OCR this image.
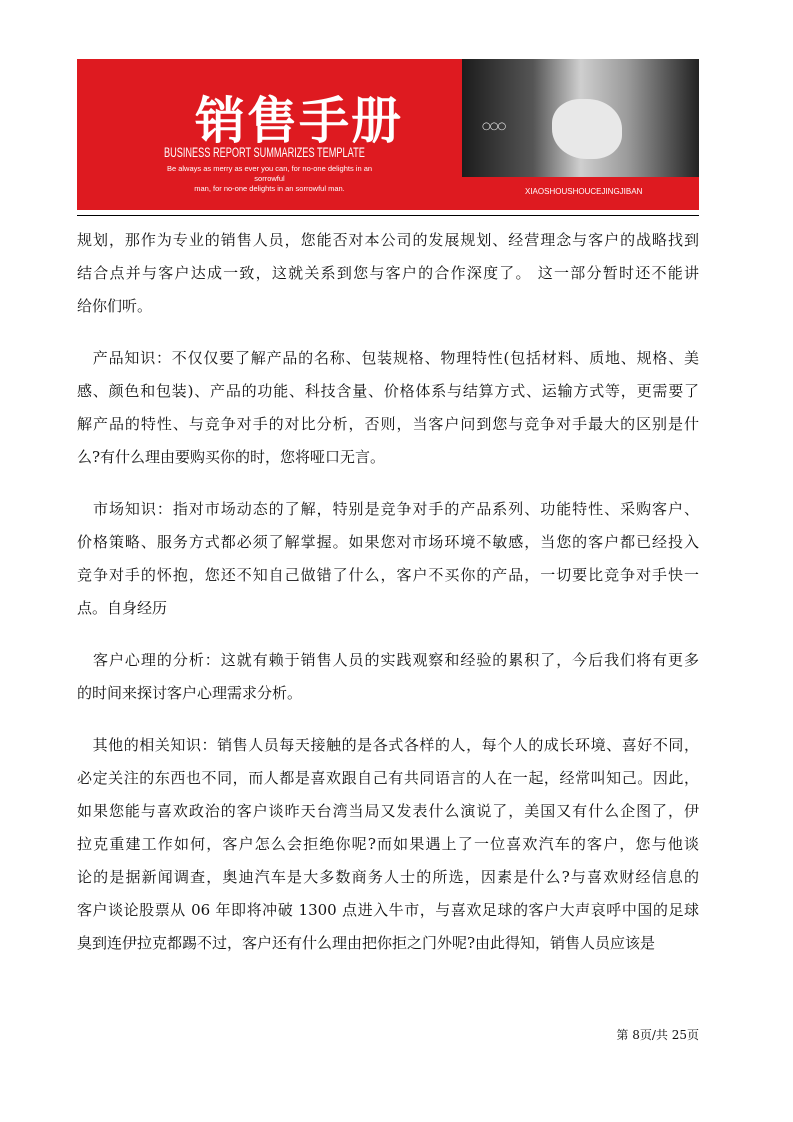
销售手册
BUSINESS REPORT SUMMARIZES TEMPLATE
Be always as merry as ever you can, for no-one delights in an sorrowful
man, for no-one delights in an sorrowful man.
○○○
XIAOSHOUSHOUCEJINGJIBAN
规划，那作为专业的销售人员，您能否对本公司的发展规划、经营理念与客户的战略找到
结合点并与客户达成一致，这就关系到您与客户的合作深度了。 这一部分暂时还不能讲
给你们听。
　产品知识：不仅仅要了解产品的名称、包装规格、物理特性(包括材料、质地、规格、美
感、颜色和包装)、产品的功能、科技含量、价格体系与结算方式、运输方式等，更需要了
解产品的特性、与竞争对手的对比分析，否则，当客户问到您与竞争对手最大的区别是什
么?有什么理由要购买你的时，您将哑口无言。
　市场知识：指对市场动态的了解，特别是竞争对手的产品系列、功能特性、采购客户、
价格策略、服务方式都必须了解掌握。如果您对市场环境不敏感，当您的客户都已经投入
竞争对手的怀抱，您还不知自己做错了什么，客户不买你的产品，一切要比竞争对手快一
点。自身经历
　客户心理的分析：这就有赖于销售人员的实践观察和经验的累积了，今后我们将有更多
的时间来探讨客户心理需求分析。
　其他的相关知识：销售人员每天接触的是各式各样的人，每个人的成长环境、喜好不同，
必定关注的东西也不同，而人都是喜欢跟自己有共同语言的人在一起，经常叫知己。因此，
如果您能与喜欢政治的客户谈昨天台湾当局又发表什么演说了，美国又有什么企图了，伊
拉克重建工作如何，客户怎么会拒绝你呢?而如果遇上了一位喜欢汽车的客户，您与他谈
论的是据新闻调查，奥迪汽车是大多数商务人士的所选，因素是什么?与喜欢财经信息的
客户谈论股票从 06 年即将冲破 1300 点进入牛市，与喜欢足球的客户大声哀呼中国的足球
臭到连伊拉克都踢不过，客户还有什么理由把你拒之门外呢?由此得知，销售人员应该是
第 8页/共 25页
